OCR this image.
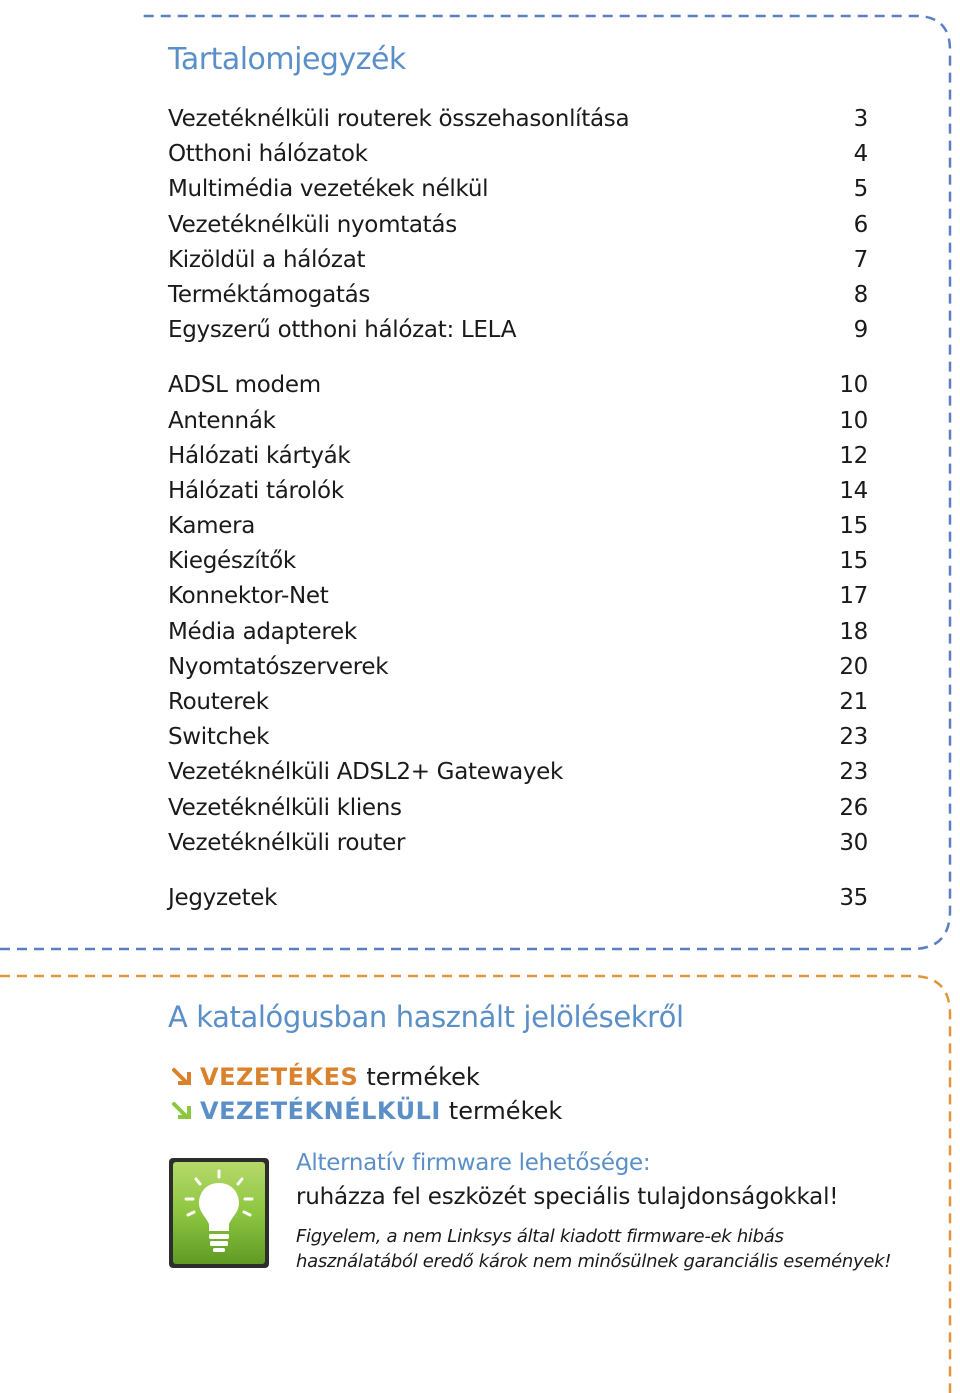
Tartalomjegyzék
Vezetéknélküli routerek összehasonlítása	3
Otthoni hálózatok	4
Multimédia vezetékek nélkül	5
Vezetéknélküli nyomtatás	6
Kizöldül a hálózat	7
Terméktámogatás	8
Egyszerű otthoni hálózat: LELA	9
ADSL modem	10
Antennák	10
Hálózati kártyák	12
Hálózati tárolók	14
Kamera	15
Kiegészítők	15
Konnektor-Net	17
Média adapterek	18
Nyomtatószerverek	20
Routerek	21
Switchek	23
Vezetéknélküli ADSL2+ Gatewayek	23
Vezetéknélküli kliens	26
Vezetéknélküli router	30
Jegyzetek	35
A katalógusban használt jelölésekről
VEZETÉKES termékek
VEZETÉKNÉLKÜLI termékek
Alternatív firmware lehetősége:
ruházza fel eszközét speciális tulajdonságokkal!
Figyelem, a nem Linksys által kiadott firmware-ek hibás használatából eredő károk nem minősülnek garanciális események!
